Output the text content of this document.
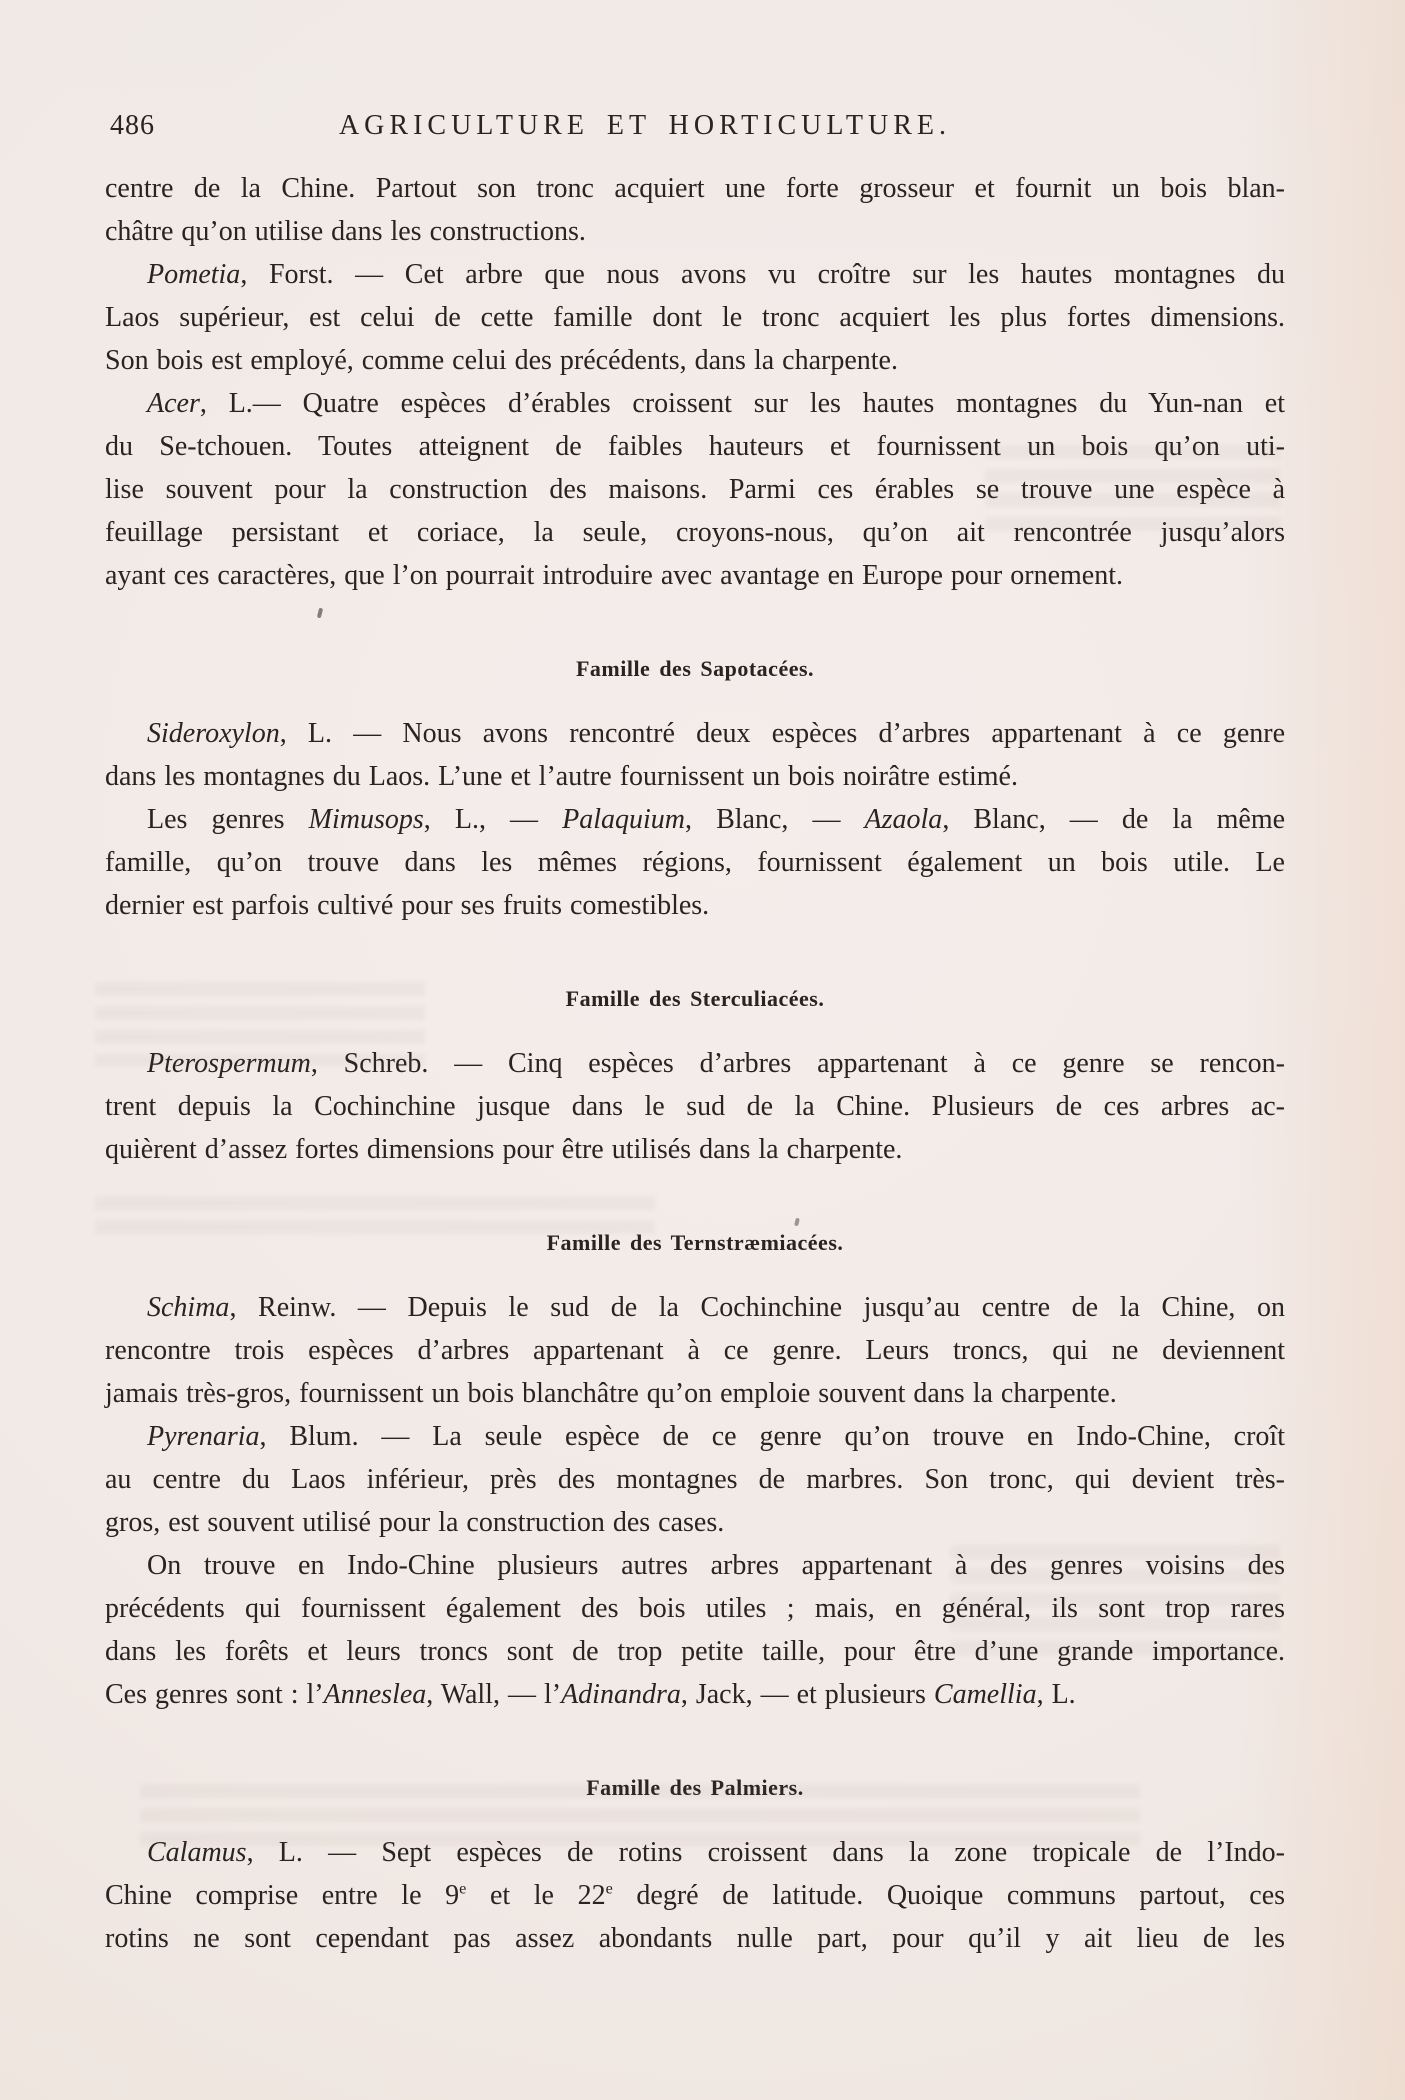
486	AGRICULTURE ET HORTICULTURE.
centre de la Chine. Partout son tronc acquiert une forte grosseur et fournit un bois blan-
châtre qu’on utilise dans les constructions.
Pometia, Forst. — Cet arbre que nous avons vu croître sur les hautes montagnes du
Laos supérieur, est celui de cette famille dont le tronc acquiert les plus fortes dimensions.
Son bois est employé, comme celui des précédents, dans la charpente.
Acer, L.— Quatre espèces d’érables croissent sur les hautes montagnes du Yun-nan et
du Se-tchouen. Toutes atteignent de faibles hauteurs et fournissent un bois qu’on uti-
lise souvent pour la construction des maisons. Parmi ces érables se trouve une espèce à
feuillage persistant et coriace, la seule, croyons-nous, qu’on ait rencontrée jusqu’alors
ayant ces caractères, que l’on pourrait introduire avec avantage en Europe pour ornement.
Famille des Sapotacées.
Sideroxylon, L. — Nous avons rencontré deux espèces d’arbres appartenant à ce genre
dans les montagnes du Laos. L’une et l’autre fournissent un bois noirâtre estimé.
Les genres Mimusops, L., — Palaquium, Blanc, — Azaola, Blanc, — de la même
famille, qu’on trouve dans les mêmes régions, fournissent également un bois utile. Le
dernier est parfois cultivé pour ses fruits comestibles.
Famille des Sterculiacées.
Pterospermum, Schreb. — Cinq espèces d’arbres appartenant à ce genre se rencon-
trent depuis la Cochinchine jusque dans le sud de la Chine. Plusieurs de ces arbres ac-
quièrent d’assez fortes dimensions pour être utilisés dans la charpente.
Famille des Ternstræmiacées.
Schima, Reinw. — Depuis le sud de la Cochinchine jusqu’au centre de la Chine, on
rencontre trois espèces d’arbres appartenant à ce genre. Leurs troncs, qui ne deviennent
jamais très-gros, fournissent un bois blanchâtre qu’on emploie souvent dans la charpente.
Pyrenaria, Blum. — La seule espèce de ce genre qu’on trouve en Indo-Chine, croît
au centre du Laos inférieur, près des montagnes de marbres. Son tronc, qui devient très-
gros, est souvent utilisé pour la construction des cases.
On trouve en Indo-Chine plusieurs autres arbres appartenant à des genres voisins des
précédents qui fournissent également des bois utiles ; mais, en général, ils sont trop rares
dans les forêts et leurs troncs sont de trop petite taille, pour être d’une grande importance.
Ces genres sont : l’Anneslea, Wall, — l’Adinandra, Jack, — et plusieurs Camellia, L.
Famille des Palmiers.
Calamus, L. — Sept espèces de rotins croissent dans la zone tropicale de l’Indo-
Chine comprise entre le 9e et le 22e degré de latitude. Quoique communs partout, ces
rotins ne sont cependant pas assez abondants nulle part, pour qu’il y ait lieu de les
